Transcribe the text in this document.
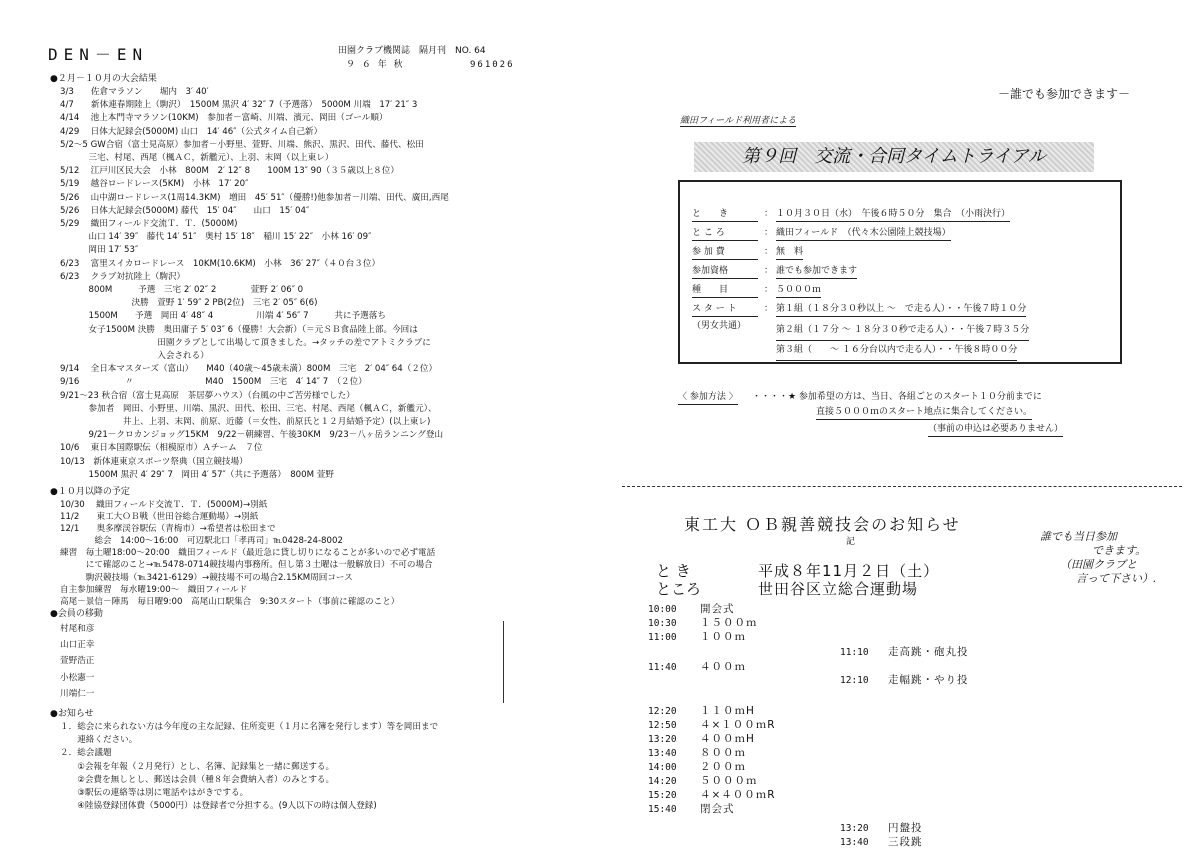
DEN－EN	田園クラブ機関誌　隔月刊　NO. 64
９ ６ 年 秋	961026
●２月－１０月の大会結果
3/3　　佐倉マラソン　　堀内　3′ 40′
4/7　　新体連春期陸上（駒沢）　1500M 黒沢 4′ 32″ 7（予選落）　5000M 川端　17′ 21″ 3
4/14　 池上本門寺マラソン(10KM)　参加者－富崎、川端、濱元、岡田（ゴール順）
4/29　 日体大記録会(5000M) 山口　14′ 46″（公式タイム自己新）
5/2～5 GW合宿（富士見高原）参加者－小野里、萱野、川端、熊沢、黒沢、田代、藤代、松田
　　　 三宅、村尾、西尾（楓ＡＣ，新艦元）、上羽、末岡（以上東レ）
5/12　 江戸川区民大会　小林　800M　2′ 12″ 8　　100M 13″ 90（３５歳以上８位）
5/19　 越谷ロードレース(5KM)　小林　17′ 20″
5/26　 山中湖ロードレース(1周14.3KM)　増田　45′ 51″（優勝!)他参加者－川端、田代、廣田,西尾
5/26　 日体大記録会(5000M) 藤代　15′ 04″　　山口　15′ 04″
5/29　 織田フィールド交流Ｔ．Ｔ．(5000M)
　　　 山口 14′ 39″　藤代 14′ 51″　奥村 15′ 18″　稲川 15′ 22″　小林 16′ 09″
　　　 岡田 17′ 53″
6/23　 富里スイカロードレース　10KM(10.6KM)　小林　36′ 27″（４０台３位）
6/23　 クラブ対抗陸上（駒沢）
　　　 800M　　　予選　三宅 2′ 02″ 2　　　　萱野 2′ 06″ 0
　　　 　　　　　決勝　萱野 1′ 59″ 2 PB(2位)　三宅 2′ 05″ 6(6)
　　　 1500M　　予選　岡田 4′ 48″ 4　　　　　川端 4′ 56″ 7　　　共に予選落ち
　　　 女子1500M 決勝　奥田庸子 5′ 03″ 6（優勝！大会新）（＝元ＳＢ食品陸上部。今回は
　　　 　　　　　　　　田園クラブとして出場して頂きました。→タッチの差でアトミクラブに
　　　 　　　　　　　　入会される）
9/14　 全日本マスターズ（富山）　　M40（40歳～45歳未満）800M　三宅　2′ 04″ 64（２位）
9/16　 　　　　〃　　　　　　　　 M40　1500M　三宅　4′ 14″ 7　（２位）
9/21～23 秋合宿（富士見高原　茶居夢ハウス）（台風の中ご苦労様でした）
　　　 参加者　岡田、小野里、川端、黒沢、田代、松田、三宅、村尾、西尾（楓ＡＣ，新艦元）、
　　　 　　　　井上、上羽、末岡、前原、近藤（＝女性、前原氏と１２月結婚予定）(以上東レ)
　　　 9/21－クロカンジョッグ15KM　9/22－朝練習、午後30KM　9/23－八ヶ岳ランニング登山
10/6　 東日本国際駅伝（相模原市）Ａチーム　７位
10/13　新体連東京スポーツ祭典（国立競技場）
　　　 1500M 黒沢 4′ 29″ 7　岡田 4′ 57″（共に予選落）　800M 萱野
●１０月以降の予定
10/30　 織田フィールド交流Ｔ．Ｔ．(5000M)→別紙
11/2　　東工大ＯＢ戦（世田谷総合運動場）→別紙
12/1　　奥多摩渓谷駅伝（青梅市）→希望者は松田まで
　　　　総会　14:00～16:00　可辺駅北口「孝再司」℡0428-24-8002
練習　毎土曜18:00～20:00　織田フィールド（最近急に貸し切りになることが多いので必ず電話
　　　にて確認のこと→℡5478-0714競技場内事務所。但し第３土曜は一般解放日）不可の場合
　　　駒沢競技場（℡3421-6129）→競技場不可の場合2.15KM周回コース
自主参加練習　毎水曜19:00～　織田フィールド
高尾－景信－陣馬　毎日曜9:00　高尾山口駅集合　9:30スタート（事前に確認のこと）
●会員の移動
村尾和彦
山口正幸
萱野浩正
小松憲一
川端仁一
●お知らせ
１．総会に来られない方は今年度の主な記録、住所変更（１月に名簿を発行します）等を岡田まで
　　連絡ください。
２．総会議題
　　①会報を年報（２月発行）とし、名簿、記録集と一緒に郵送する。
　　②会費を無しとし、郵送は会員（種８年会費納入者）のみとする。
　　③駅伝の連絡等は別に電話やはがきでする。
　　④陸協登録団体費（5000円）は登録者で分担する。(9人以下の時は個人登録)
－誰でも参加できます－
織田フィールド利用者による
第９回　交流・合同タイムトライアル
と　　き	： １０月３０日（水）　午後６時５０分　集合　（小雨決行）
と こ ろ	： 織田フィールド　（代々木公園陸上競技場）
参 加 費	： 無　料
参加資格	： 誰でも参加できます
種　　目	： ５０００ｍ
ス タ ー ト	： 第１組（１８分３０秒以上 ～　で走る人）・・午後７時１０分
（男女共通）	第２組（１７分 ～ １８分３０秒で走る人）・・午後７時３５分
第３組（　　～ １６分台以内で走る人）・・午後８時００分
〈 参加方法 〉 ・・・・★ 参加希望の方は、当日、各組ごとのスタート１０分前までに
直接５０００ｍのスタート地点に集合してください。
（事前の申込は必要ありません）
東工大 ＯＢ親善競技会のお知らせ
記	誰でも当日参加
できます。
（田園クラブと
言って下さい）.
と き	平成８年11月２日（土）
ところ	世田谷区立総合運動場
10:00 開会式
10:30 １５００ｍ
11:00 １００ｍ
11:40 ４００ｍ
12:20 １１０ｍH
12:50 ４×１００ｍR
13:20 ４００ｍH
13:40 ８００ｍ
14:00 ２００ｍ
14:20 ５０００ｍ
15:20 ４×４００ｍR
15:40 閉会式
11:10 走高跳・砲丸投
12:10 走幅跳・やり投
13:20 円盤投
13:40 三段跳
